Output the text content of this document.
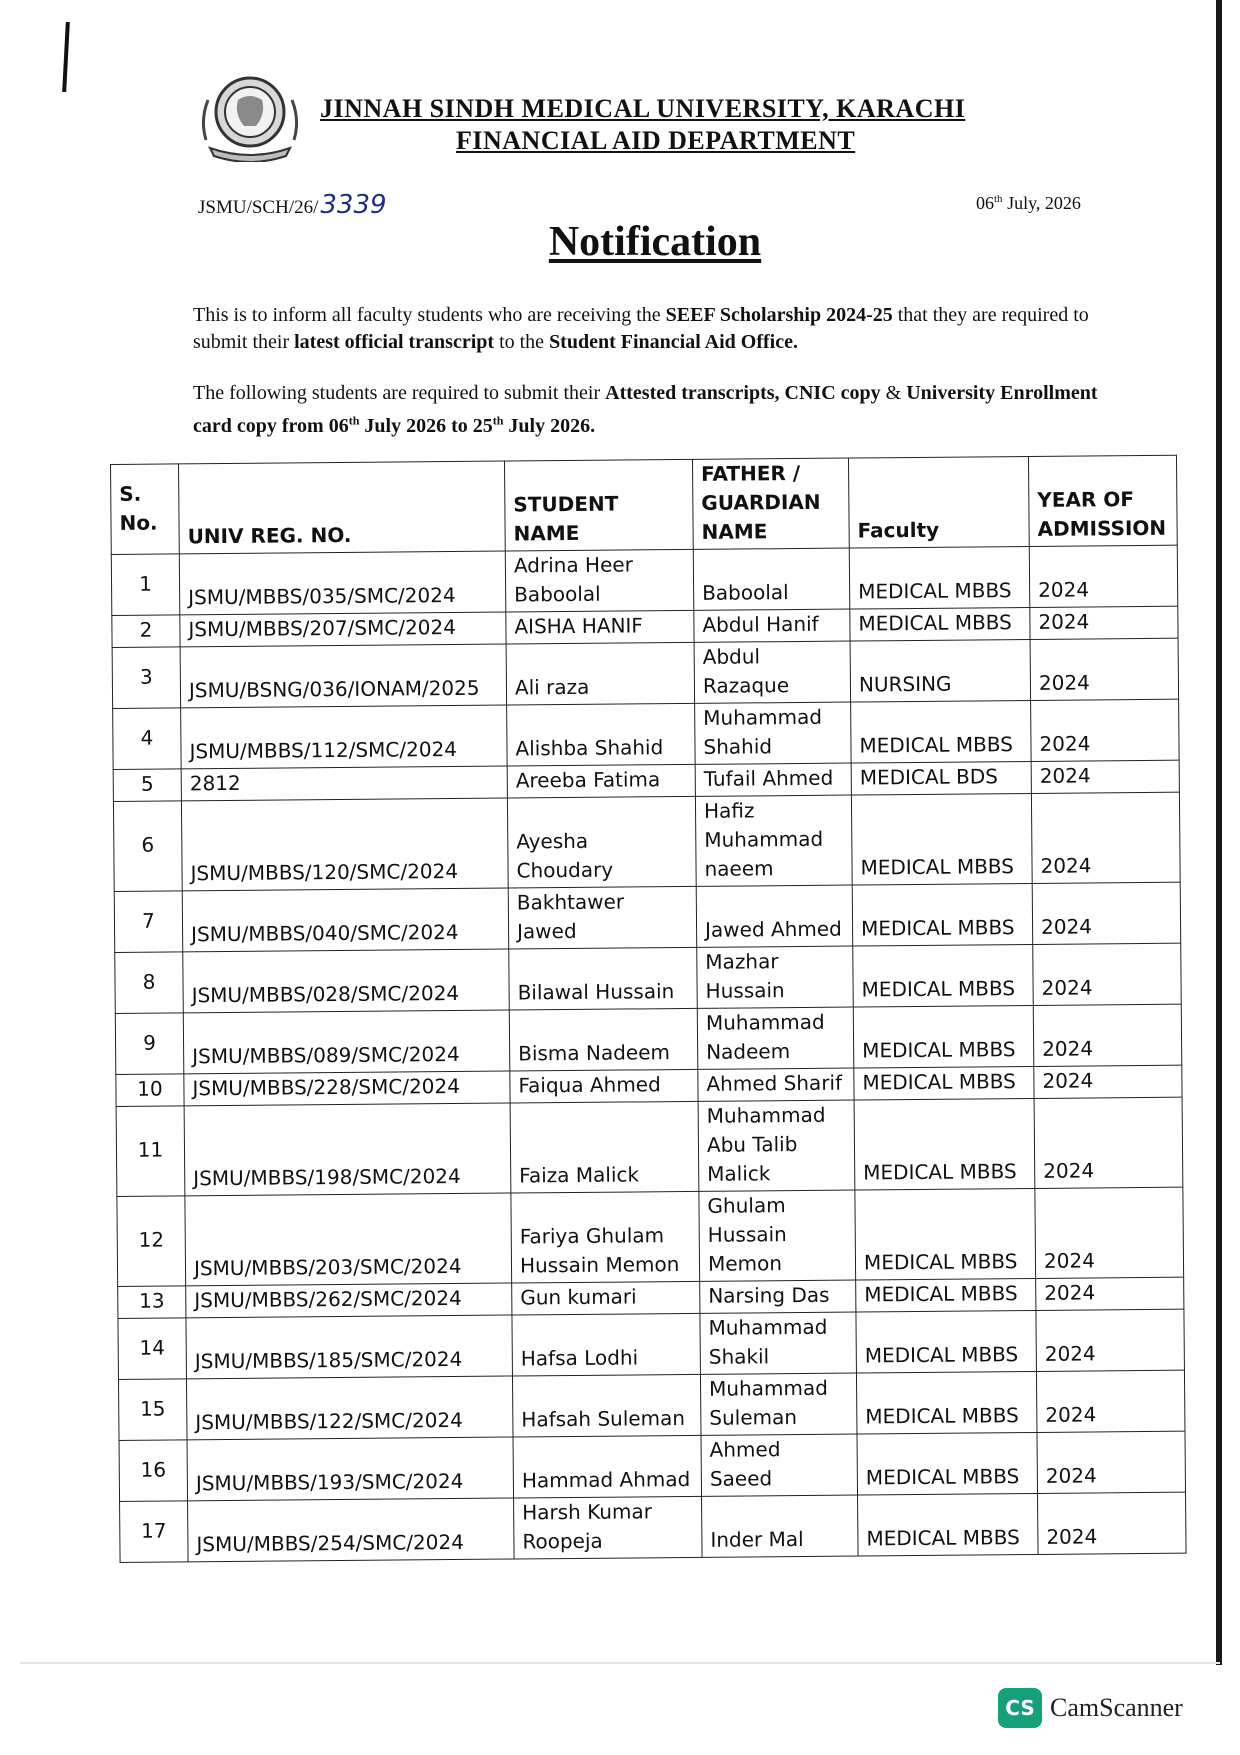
JINNAH SINDH MEDICAL UNIVERSITY, KARACHI
FINANCIAL AID DEPARTMENT
JSMU/SCH/26/3339	06th July, 2026
Notification
This is to inform all faculty students who are receiving the SEEF Scholarship 2024-25 that they are required to submit their latest official transcript to the Student Financial Aid Office.
The following students are required to submit their Attested transcripts, CNIC copy & University Enrollment card copy from 06th July 2026 to 25th July 2026.
S. No.	UNIV REG. NO.	STUDENT NAME	FATHER / GUARDIAN NAME	Faculty	YEAR OF ADMISSION
1	JSMU/MBBS/035/SMC/2024	Adrina Heer Baboolal	Baboolal	MEDICAL MBBS	2024
2	JSMU/MBBS/207/SMC/2024	AISHA HANIF	Abdul Hanif	MEDICAL MBBS	2024
3	JSMU/BSNG/036/IONAM/2025	Ali raza	Abdul Razaque	NURSING	2024
4	JSMU/MBBS/112/SMC/2024	Alishba Shahid	Muhammad Shahid	MEDICAL MBBS	2024
5	2812	Areeba Fatima	Tufail Ahmed	MEDICAL BDS	2024
6	JSMU/MBBS/120/SMC/2024	Ayesha Choudary	Hafiz Muhammad naeem	MEDICAL MBBS	2024
7	JSMU/MBBS/040/SMC/2024	Bakhtawer Jawed	Jawed Ahmed	MEDICAL MBBS	2024
8	JSMU/MBBS/028/SMC/2024	Bilawal Hussain	Mazhar Hussain	MEDICAL MBBS	2024
9	JSMU/MBBS/089/SMC/2024	Bisma Nadeem	Muhammad Nadeem	MEDICAL MBBS	2024
10	JSMU/MBBS/228/SMC/2024	Faiqua Ahmed	Ahmed Sharif	MEDICAL MBBS	2024
11	JSMU/MBBS/198/SMC/2024	Faiza Malick	Muhammad Abu Talib Malick	MEDICAL MBBS	2024
12	JSMU/MBBS/203/SMC/2024	Fariya Ghulam Hussain Memon	Ghulam Hussain Memon	MEDICAL MBBS	2024
13	JSMU/MBBS/262/SMC/2024	Gun kumari	Narsing Das	MEDICAL MBBS	2024
14	JSMU/MBBS/185/SMC/2024	Hafsa Lodhi	Muhammad Shakil	MEDICAL MBBS	2024
15	JSMU/MBBS/122/SMC/2024	Hafsah Suleman	Muhammad Suleman	MEDICAL MBBS	2024
16	JSMU/MBBS/193/SMC/2024	Hammad Ahmad	Ahmed Saeed	MEDICAL MBBS	2024
17	JSMU/MBBS/254/SMC/2024	Harsh Kumar Roopeja	Inder Mal	MEDICAL MBBS	2024
CS CamScanner
